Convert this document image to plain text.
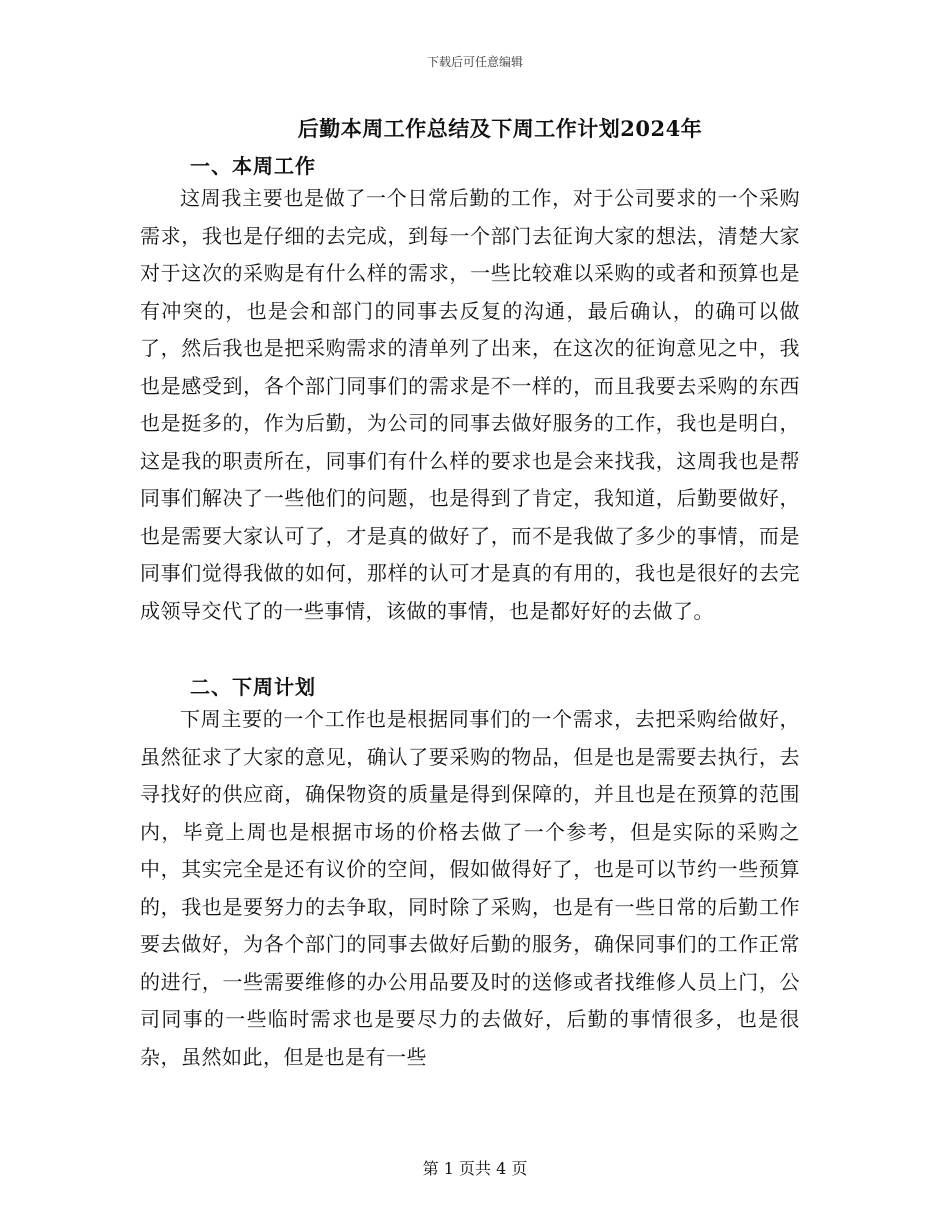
下载后可任意编辑
后勤本周工作总结及下周工作计划2024年
一、本周工作

这周我主要也是做了一个日常后勤的工作，对于公司要求的一个采购需求，我也是仔细的去完成，到每一个部门去征询大家的想法，清楚大家对于这次的采购是有什么样的需求，一些比较难以采购的或者和预算也是有冲突的，也是会和部门的同事去反复的沟通，最后确认，的确可以做了，然后我也是把采购需求的清单列了出来，在这次的征询意见之中，我也是感受到，各个部门同事们的需求是不一样的，而且我要去采购的东西也是挺多的，作为后勤，为公司的同事去做好服务的工作，我也是明白，这是我的职责所在，同事们有什么样的要求也是会来找我，这周我也是帮同事们解决了一些他们的问题，也是得到了肯定，我知道，后勤要做好，也是需要大家认可了，才是真的做好了，而不是我做了多少的事情，而是同事们觉得我做的如何，那样的认可才是真的有用的，我也是很好的去完成领导交代了的一些事情，该做的事情，也是都好好的去做了。

二、下周计划

下周主要的一个工作也是根据同事们的一个需求，去把采购给做好，虽然征求了大家的意见，确认了要采购的物品，但是也是需要去执行，去寻找好的供应商，确保物资的质量是得到保障的，并且也是在预算的范围内，毕竟上周也是根据市场的价格去做了一个参考，但是实际的采购之中，其实完全是还有议价的空间，假如做得好了，也是可以节约一些预算的，我也是要努力的去争取，同时除了采购，也是有一些日常的后勤工作要去做好，为各个部门的同事去做好后勤的服务，确保同事们的工作正常的进行，一些需要维修的办公用品要及时的送修或者找维修人员上门，公司同事的一些临时需求也是要尽力的去做好，后勤的事情很多，也是很杂，虽然如此，但是也是有一些

第 1 页共 4 页
